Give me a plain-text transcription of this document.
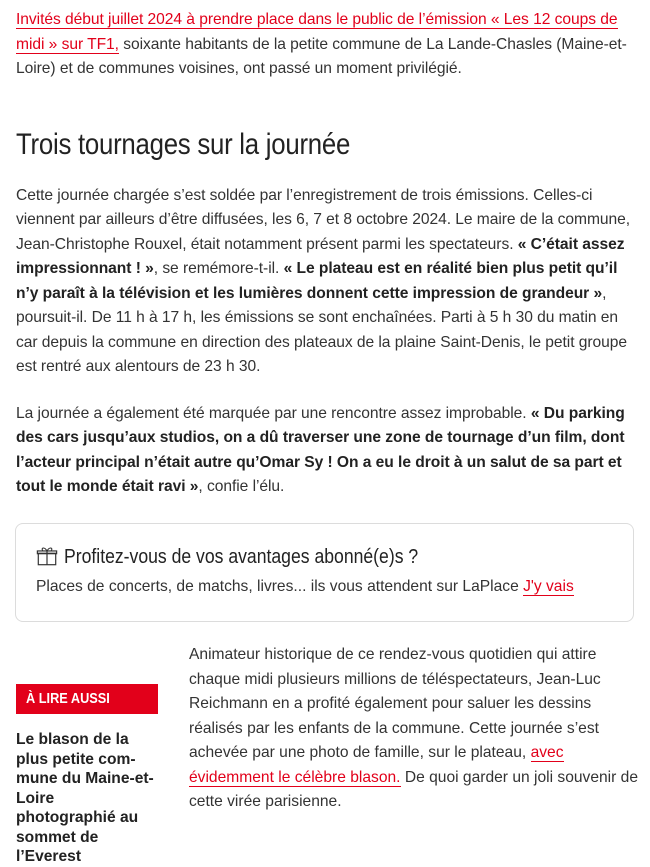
Invités début juillet 2024 à prendre place dans le public de l’émission « Les 12 coups de midi » sur TF1, soixante habitants de la petite commune de La Lande-Chasles (Maine-et-Loire) et de communes voisines, ont passé un moment privilégié.

Trois tournages sur la journée

Cette journée chargée s’est soldée par l’enregistrement de trois émissions. Celles-ci viennent par ailleurs d’être diffusées, les 6, 7 et 8 octobre 2024. Le maire de la commune, Jean-Christophe Rouxel, était notamment présent parmi les spectateurs. « C’était assez impressionnant ! », se remémore-t-il. « Le plateau est en réalité bien plus petit qu’il n’y paraît à la télévision et les lumières donnent cette impression de grandeur », poursuit-il. De 11 h à 17 h, les émissions se sont enchaînées. Parti à 5 h 30 du matin en car depuis la commune en direction des plateaux de la plaine Saint-Denis, le petit groupe est rentré aux alentours de 23 h 30.

La journée a également été marquée par une rencontre assez improbable. « Du parking des cars jusqu’aux studios, on a dû traverser une zone de tournage d’un film, dont l’acteur principal n’était autre qu’Omar Sy ! On a eu le droit à un salut de sa part et tout le monde était ravi », confie l’élu.

Profitez-vous de vos avantages abonné(e)s ?
Places de concerts, de matchs, livres... ils vous attendent sur LaPlace J'y vais
À LIRE AUSSI
Le blason de la plus petite commune du Maine-et-Loire photographié au sommet de l’Everest

Animateur historique de ce rendez-vous quotidien qui attire chaque midi plusieurs millions de téléspectateurs, Jean-Luc Reichmann en a profité également pour saluer les dessins réalisés par les enfants de la commune. Cette journée s’est achevée par une photo de famille, sur le plateau, avec évidemment le célèbre blason. De quoi garder un joli souvenir de cette virée parisienne.
